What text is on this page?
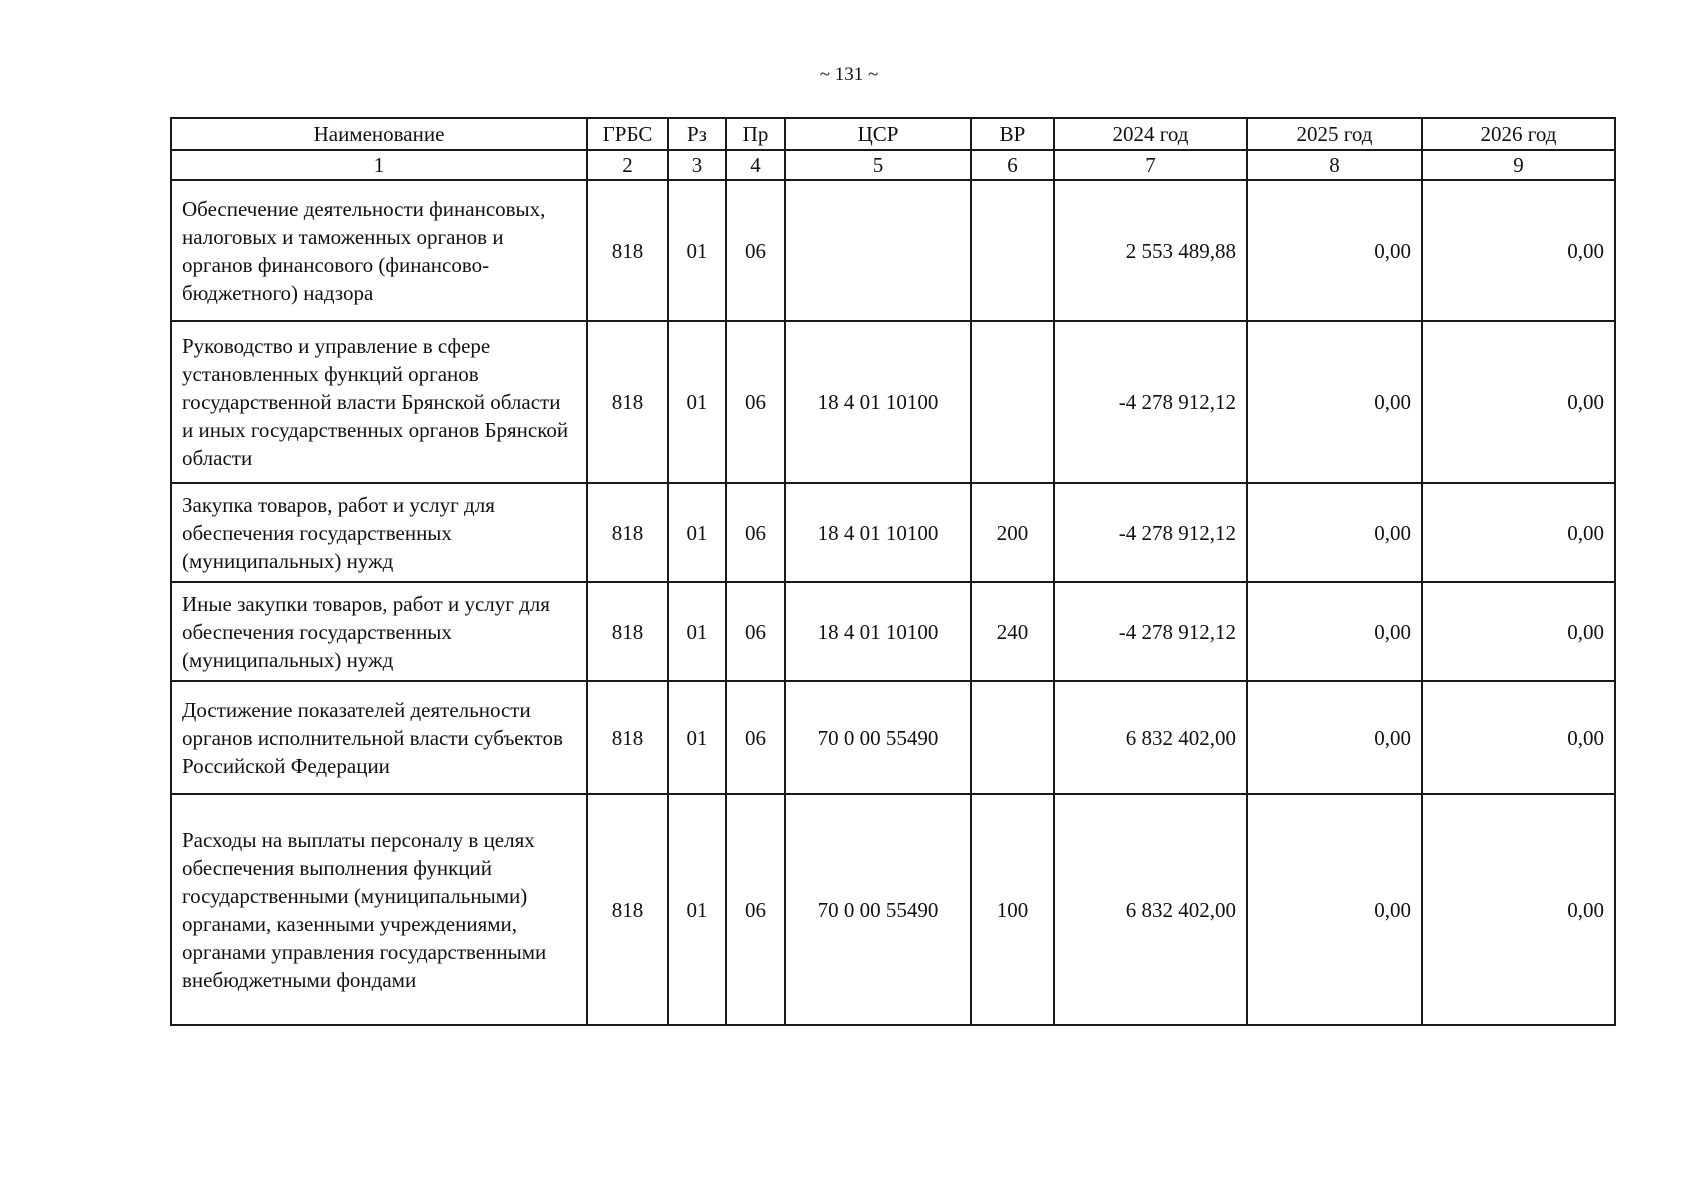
~ 131 ~
Наименование	ГРБС	Рз	Пр	ЦСР	ВР	2024 год	2025 год	2026 год
1	2	3	4	5	6	7	8	9
Обеспечение деятельности финансовых, налоговых и таможенных органов и органов финансового (финансово-бюджетного) надзора	818	01	06			2 553 489,88	0,00	0,00
Руководство и управление в сфере установленных функций органов государственной власти Брянской области и иных государственных органов Брянской области	818	01	06	18 4 01 10100		-4 278 912,12	0,00	0,00
Закупка товаров, работ и услуг для обеспечения государственных (муниципальных) нужд	818	01	06	18 4 01 10100	200	-4 278 912,12	0,00	0,00
Иные закупки товаров, работ и услуг для обеспечения государственных (муниципальных) нужд	818	01	06	18 4 01 10100	240	-4 278 912,12	0,00	0,00
Достижение показателей деятельности органов исполнительной власти субъектов Российской Федерации	818	01	06	70 0 00 55490		6 832 402,00	0,00	0,00
Расходы на выплаты персоналу в целях обеспечения выполнения функций государственными (муниципальными) органами, казенными учреждениями, органами управления государственными внебюджетными фондами	818	01	06	70 0 00 55490	100	6 832 402,00	0,00	0,00
